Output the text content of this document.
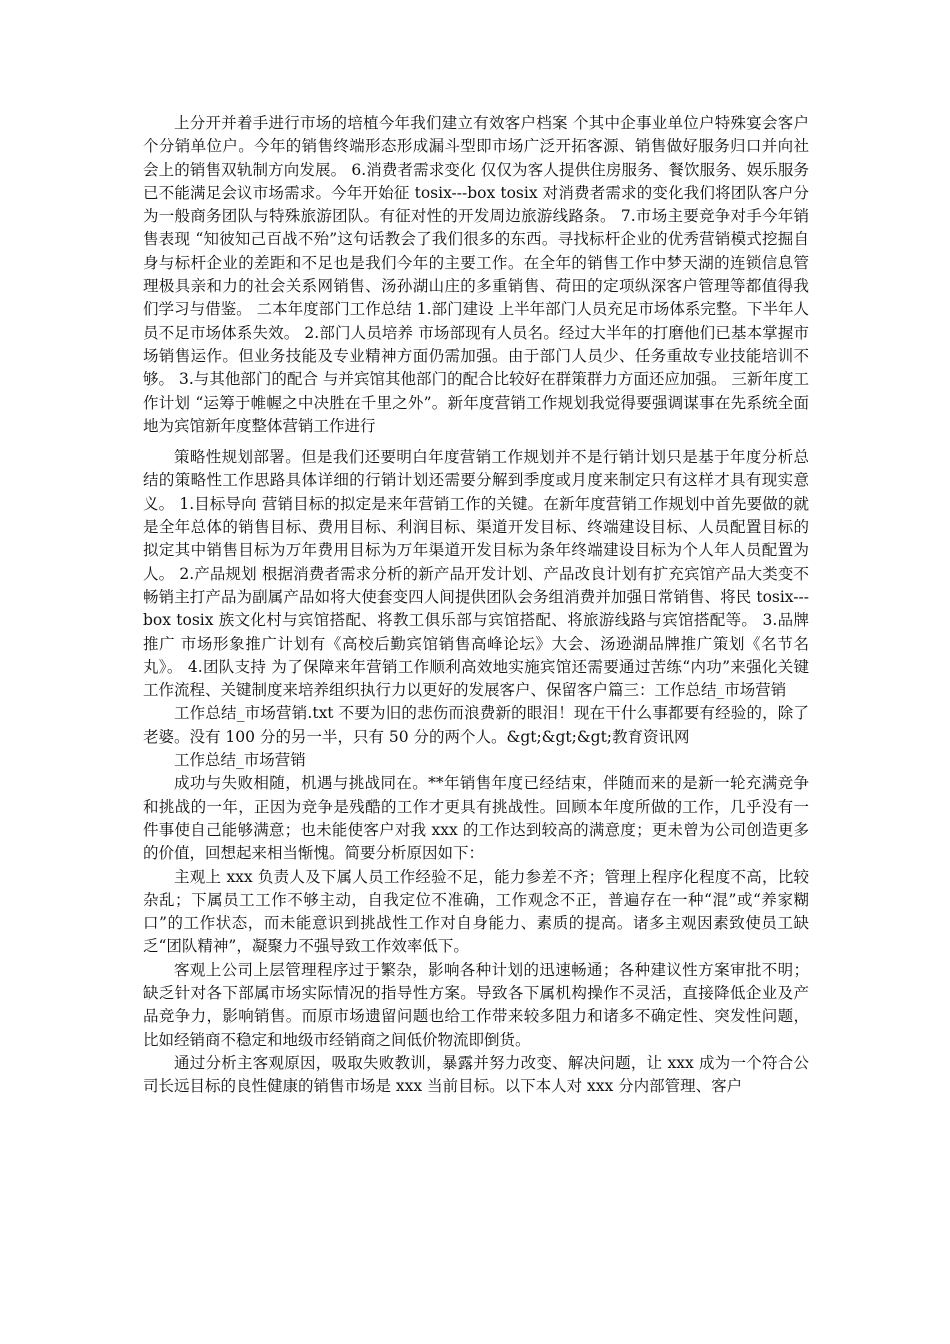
上分开并着手进行市场的培植今年我们建立有效客户档案 个其中企事业单位户特殊宴会客户个分销单位户。今年的销售终端形态形成漏斗型即市场广泛开拓客源、销售做好服务归口并向社会上的销售双轨制方向发展。 6.消费者需求变化 仅仅为客人提供住房服务、餐饮服务、娱乐服务已不能满足会议市场需求。今年开始征 tosix---box tosix 对消费者需求的变化我们将团队客户分为一般商务团队与特殊旅游团队。有征对性的开发周边旅游线路条。 7.市场主要竞争对手今年销售表现 “知彼知己百战不殆”这句话教会了我们很多的东西。寻找标杆企业的优秀营销模式挖掘自身与标杆企业的差距和不足也是我们今年的主要工作。在全年的销售工作中梦天湖的连锁信息管理极具亲和力的社会关系网销售、汤孙湖山庄的多重销售、荷田的定项纵深客户管理等都值得我们学习与借鉴。 二本年度部门工作总结 1.部门建设 上半年部门人员充足市场体系完整。下半年人员不足市场体系失效。 2.部门人员培养 市场部现有人员名。经过大半年的打磨他们已基本掌握市场销售运作。但业务技能及专业精神方面仍需加强。由于部门人员少、任务重故专业技能培训不够。 3.与其他部门的配合 与并宾馆其他部门的配合比较好在群策群力方面还应加强。 三新年度工作计划 “运筹于帷幄之中决胜在千里之外”。新年度营销工作规划我觉得要强调谋事在先系统全面地为宾馆新年度整体营销工作进行

策略性规划部署。但是我们还要明白年度营销工作规划并不是行销计划只是基于年度分析总结的策略性工作思路具体详细的行销计划还需要分解到季度或月度来制定只有这样才具有现实意义。 1.目标导向 营销目标的拟定是来年营销工作的关键。在新年度营销工作规划中首先要做的就是全年总体的销售目标、费用目标、利润目标、渠道开发目标、终端建设目标、人员配置目标的拟定其中销售目标为万年费用目标为万年渠道开发目标为条年终端建设目标为个人年人员配置为人。 2.产品规划 根据消费者需求分析的新产品开发计划、产品改良计划有扩充宾馆产品大类变不畅销主打产品为副属产品如将大使套变四人间提供团队会务组消费并加强日常销售、将民 tosix---box tosix 族文化村与宾馆搭配、将教工俱乐部与宾馆搭配、将旅游线路与宾馆搭配等。 3.品牌推广 市场形象推广计划有《高校后勤宾馆销售高峰论坛》大会、汤逊湖品牌推广策划《名节名丸》。 4.团队支持 为了保障来年营销工作顺利高效地实施宾馆还需要通过苦练“内功”来强化关键工作流程、关键制度来培养组织执行力以更好的发展客户、保留客户篇三：工作总结_市场营销

工作总结_市场营销.txt 不要为旧的悲伤而浪费新的眼泪！现在干什么事都要有经验的，除了老婆。没有 100 分的另一半，只有 50 分的两个人。&gt;&gt;&gt;教育资讯网

工作总结_市场营销

成功与失败相随，机遇与挑战同在。**年销售年度已经结束，伴随而来的是新一轮充满竞争和挑战的一年，正因为竞争是残酷的工作才更具有挑战性。回顾本年度所做的工作，几乎没有一件事使自己能够满意；也未能使客户对我 xxx 的工作达到较高的满意度；更未曾为公司创造更多的价值，回想起来相当惭愧。简要分析原因如下：

主观上 xxx 负责人及下属人员工作经验不足，能力参差不齐；管理上程序化程度不高，比较杂乱；下属员工工作不够主动，自我定位不准确，工作观念不正，普遍存在一种“混”或“养家糊口”的工作状态，而未能意识到挑战性工作对自身能力、素质的提高。诸多主观因素致使员工缺乏“团队精神”，凝聚力不强导致工作效率低下。

客观上公司上层管理程序过于繁杂，影响各种计划的迅速畅通；各种建议性方案审批不明；缺乏针对各下部属市场实际情况的指导性方案。导致各下属机构操作不灵活，直接降低企业及产品竞争力，影响销售。而原市场遗留问题也给工作带来较多阻力和诸多不确定性、突发性问题，比如经销商不稳定和地级市经销商之间低价物流即倒货。

通过分析主客观原因，吸取失败教训，暴露并努力改变、解决问题，让 xxx 成为一个符合公司长远目标的良性健康的销售市场是 xxx 当前目标。以下本人对 xxx 分内部管理、客户
